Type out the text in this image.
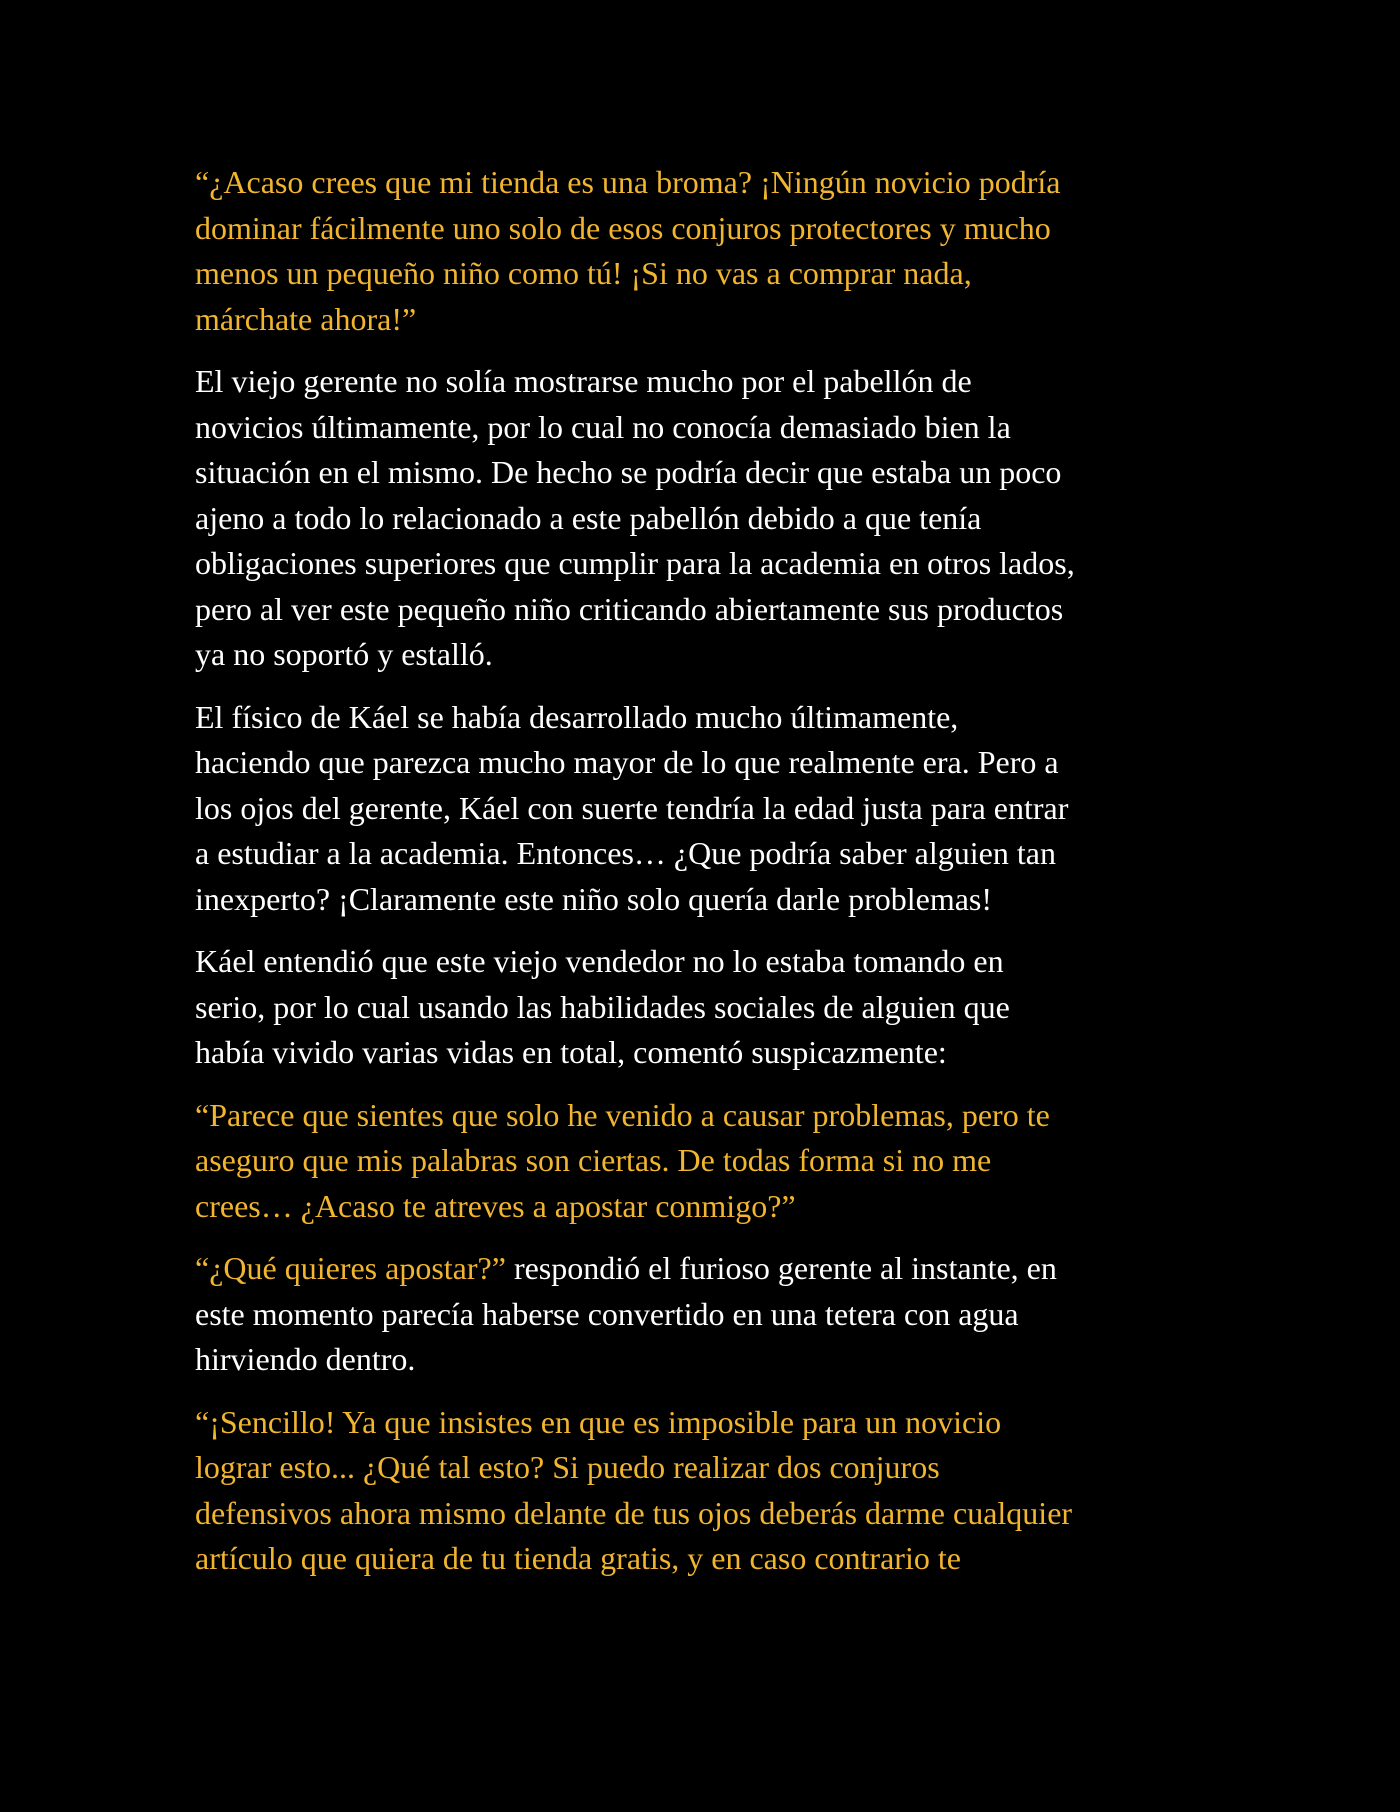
“¿Acaso crees que mi tienda es una broma? ¡Ningún novicio podría
dominar fácilmente uno solo de esos conjuros protectores y mucho
menos un pequeño niño como tú! ¡Si no vas a comprar nada,
márchate ahora!”

El viejo gerente no solía mostrarse mucho por el pabellón de
novicios últimamente, por lo cual no conocía demasiado bien la
situación en el mismo. De hecho se podría decir que estaba un poco
ajeno a todo lo relacionado a este pabellón debido a que tenía
obligaciones superiores que cumplir para la academia en otros lados,
pero al ver este pequeño niño criticando abiertamente sus productos
ya no soportó y estalló.

El físico de Káel se había desarrollado mucho últimamente,
haciendo que parezca mucho mayor de lo que realmente era. Pero a
los ojos del gerente, Káel con suerte tendría la edad justa para entrar
a estudiar a la academia. Entonces… ¿Que podría saber alguien tan
inexperto? ¡Claramente este niño solo quería darle problemas!

Káel entendió que este viejo vendedor no lo estaba tomando en
serio, por lo cual usando las habilidades sociales de alguien que
había vivido varias vidas en total, comentó suspicazmente:

“Parece que sientes que solo he venido a causar problemas, pero te
aseguro que mis palabras son ciertas. De todas forma si no me
crees… ¿Acaso te atreves a apostar conmigo?”

“¿Qué quieres apostar?” respondió el furioso gerente al instante, en
este momento parecía haberse convertido en una tetera con agua
hirviendo dentro.

“¡Sencillo! Ya que insistes en que es imposible para un novicio
lograr esto... ¿Qué tal esto? Si puedo realizar dos conjuros
defensivos ahora mismo delante de tus ojos deberás darme cualquier
artículo que quiera de tu tienda gratis, y en caso contrario te
